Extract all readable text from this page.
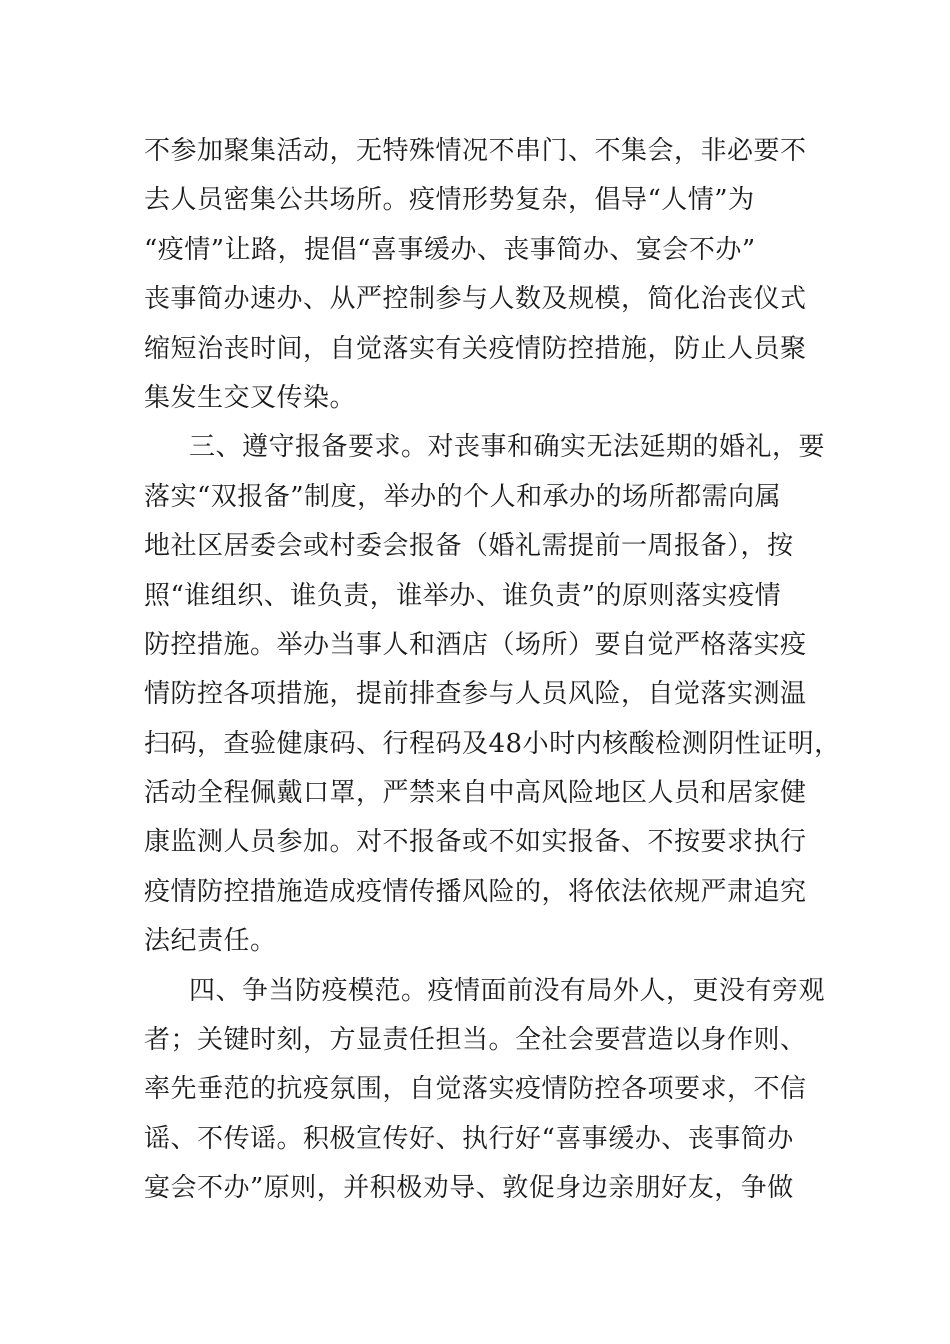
不参加聚集活动，无特殊情况不串门、不集会，非必要不
去人员密集公共场所。疫情形势复杂，倡导“人情”为
“疫情”让路，提倡“喜事缓办、丧事简办、宴会不办”
丧事简办速办、从严控制参与人数及规模，简化治丧仪式
缩短治丧时间，自觉落实有关疫情防控措施，防止人员聚
集发生交叉传染。
三、遵守报备要求。对丧事和确实无法延期的婚礼，要
落实“双报备”制度，举办的个人和承办的场所都需向属
地社区居委会或村委会报备（婚礼需提前一周报备），按
照“谁组织、谁负责，谁举办、谁负责”的原则落实疫情
防控措施。举办当事人和酒店（场所）要自觉严格落实疫
情防控各项措施，提前排查参与人员风险，自觉落实测温
扫码，查验健康码、行程码及48小时内核酸检测阴性证明，
活动全程佩戴口罩，严禁来自中高风险地区人员和居家健
康监测人员参加。对不报备或不如实报备、不按要求执行
疫情防控措施造成疫情传播风险的，将依法依规严肃追究
法纪责任。
四、争当防疫模范。疫情面前没有局外人，更没有旁观
者；关键时刻，方显责任担当。全社会要营造以身作则、
率先垂范的抗疫氛围，自觉落实疫情防控各项要求，不信
谣、不传谣。积极宣传好、执行好“喜事缓办、丧事简办
宴会不办”原则，并积极劝导、敦促身边亲朋好友，争做
